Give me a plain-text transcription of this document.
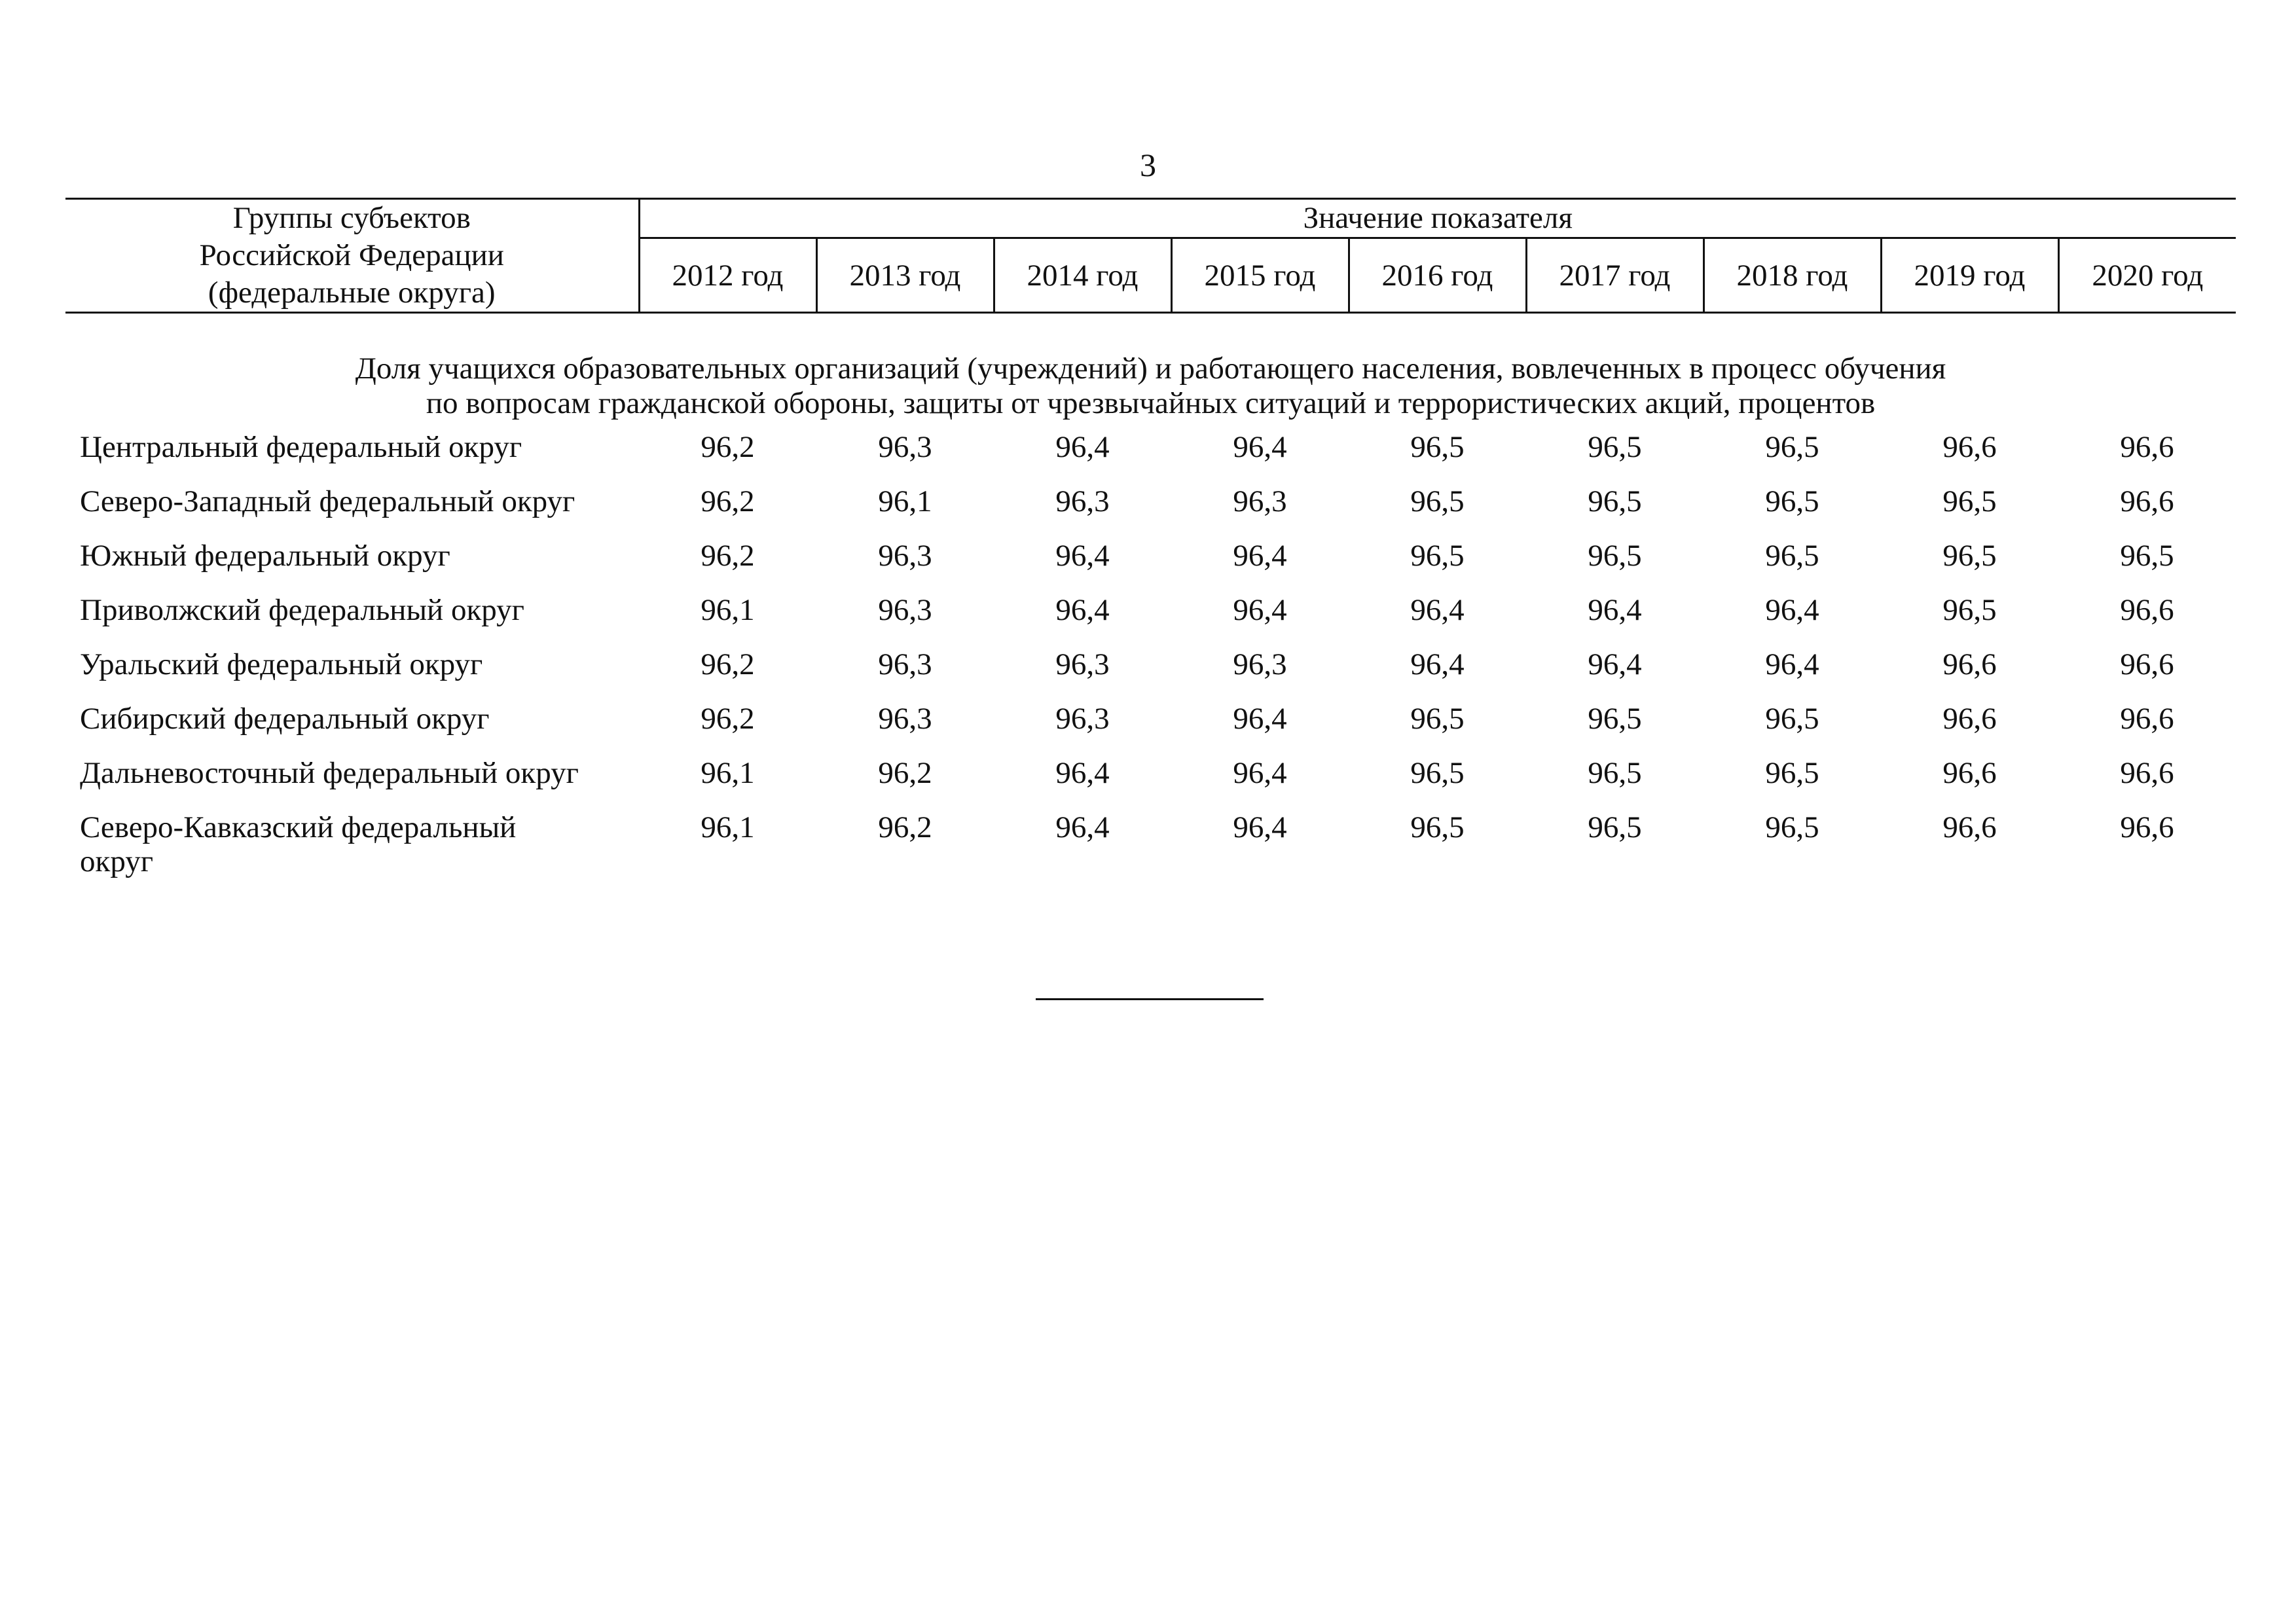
3
Группы субъектов
Российской Федерации
(федеральные округа)	Значение показателя								
	2012 год	2013 год	2014 год	2015 год	2016 год	2017 год	2018 год	2019 год	2020 год
Доля учащихся образовательных организаций (учреждений) и работающего населения, вовлеченных в процесс обучения
по вопросам гражданской обороны, защиты от чрезвычайных ситуаций и террористических акций, процентов									
Центральный федеральный округ	96,2	96,3	96,4	96,4	96,5	96,5	96,5	96,6	96,6
Северо-Западный федеральный округ	96,2	96,1	96,3	96,3	96,5	96,5	96,5	96,5	96,6
Южный федеральный округ	96,2	96,3	96,4	96,4	96,5	96,5	96,5	96,5	96,5
Приволжский федеральный округ	96,1	96,3	96,4	96,4	96,4	96,4	96,4	96,5	96,6
Уральский федеральный округ	96,2	96,3	96,3	96,3	96,4	96,4	96,4	96,6	96,6
Сибирский федеральный округ	96,2	96,3	96,3	96,4	96,5	96,5	96,5	96,6	96,6
Дальневосточный федеральный округ	96,1	96,2	96,4	96,4	96,5	96,5	96,5	96,6	96,6
Северо-Кавказский федеральный
округ	96,1	96,2	96,4	96,4	96,5	96,5	96,5	96,6	96,6
